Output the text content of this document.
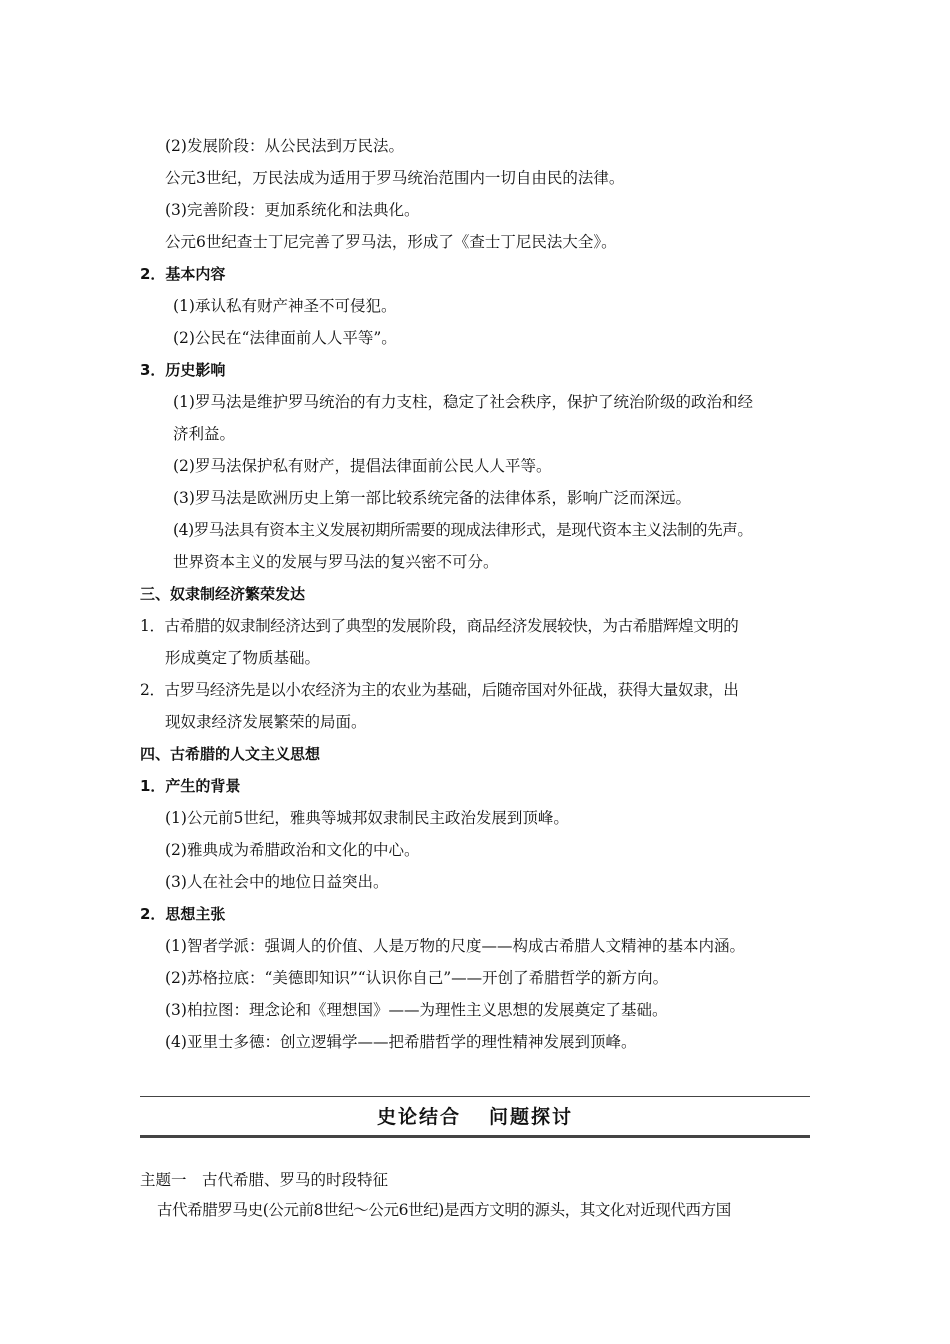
(2)发展阶段：从公民法到万民法。
公元3世纪，万民法成为适用于罗马统治范围内一切自由民的法律。
(3)完善阶段：更加系统化和法典化。
公元6世纪查士丁尼完善了罗马法，形成了《查士丁尼民法大全》。
2．基本内容
(1)承认私有财产神圣不可侵犯。
(2)公民在“法律面前人人平等”。
3．历史影响
(1)罗马法是维护罗马统治的有力支柱，稳定了社会秩序，保护了统治阶级的政治和经
济利益。
(2)罗马法保护私有财产，提倡法律面前公民人人平等。
(3)罗马法是欧洲历史上第一部比较系统完备的法律体系，影响广泛而深远。
(4)罗马法具有资本主义发展初期所需要的现成法律形式，是现代资本主义法制的先声。
世界资本主义的发展与罗马法的复兴密不可分。
三、奴隶制经济繁荣发达
1．古希腊的奴隶制经济达到了典型的发展阶段，商品经济发展较快，为古希腊辉煌文明的
形成奠定了物质基础。
2．古罗马经济先是以小农经济为主的农业为基础，后随帝国对外征战，获得大量奴隶，出
现奴隶经济发展繁荣的局面。
四、古希腊的人文主义思想
1．产生的背景
(1)公元前5世纪，雅典等城邦奴隶制民主政治发展到顶峰。
(2)雅典成为希腊政治和文化的中心。
(3)人在社会中的地位日益突出。
2．思想主张
(1)智者学派：强调人的价值、人是万物的尺度——构成古希腊人文精神的基本内涵。
(2)苏格拉底：“美德即知识”“认识你自己”——开创了希腊哲学的新方向。
(3)柏拉图：理念论和《理想国》——为理性主义思想的发展奠定了基础。
(4)亚里士多德：创立逻辑学——把希腊哲学的理性精神发展到顶峰。
史论结合 问题探讨
主题一　古代希腊、罗马的时段特征
古代希腊罗马史(公元前8世纪～公元6世纪)是西方文明的源头，其文化对近现代西方国
